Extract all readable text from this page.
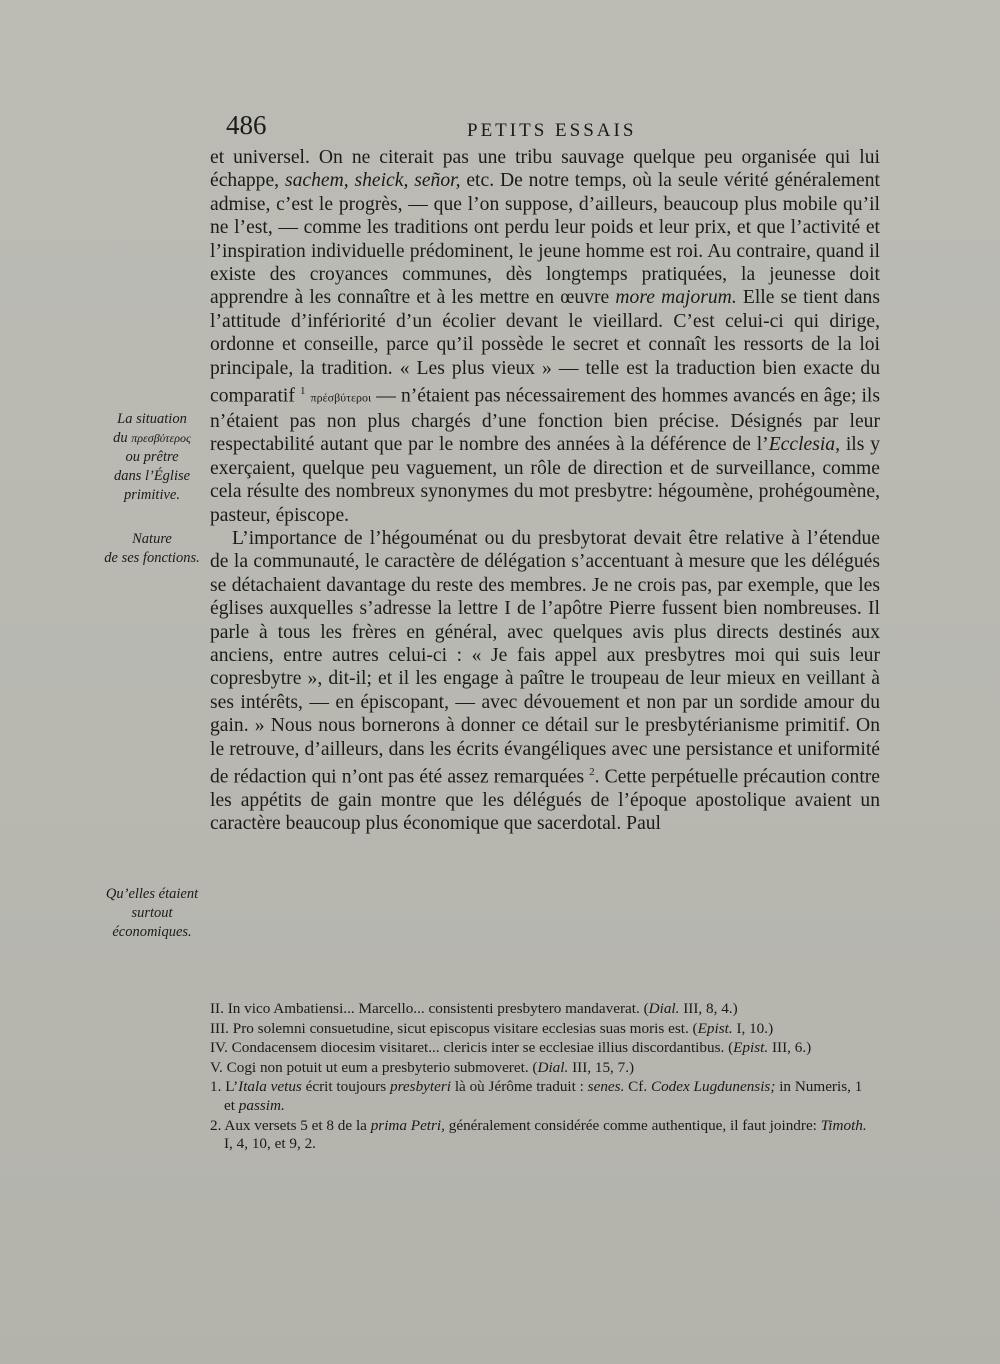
486	PETITS ESSAIS

et universel. On ne citerait pas une tribu sauvage quelque peu organisée qui lui échappe, sachem, sheick, señor, etc. De notre temps, où la seule vérité généralement admise, c’est le progrès, — que l’on suppose, d’ailleurs, beaucoup plus mobile qu’il ne l’est, — comme les traditions ont perdu leur poids et leur prix, et que l’activité et l’inspiration individuelle prédominent, le jeune homme est roi. Au contraire, quand il existe des croyances communes, dès longtemps pratiquées, la jeunesse doit apprendre à les connaître et à les mettre en œuvre more majorum. Elle se tient dans l’attitude d’infériorité d’un écolier devant le vieillard. C’est celui-ci qui dirige, ordonne et conseille, parce qu’il possède le secret et connaît les ressorts de la loi principale, la tradition. « Les plus vieux » — telle est la traduction bien exacte du comparatif $^1$ πρέσβύτεροι — n’étaient pas nécessairement des hommes avancés en âge; ils n’étaient pas non plus chargés d’une fonction bien précise. Désignés par leur respectabilité autant que par le nombre des années à la déférence de l’Ecclesia, ils y exerçaient, quelque peu vaguement, un rôle de direction et de surveillance, comme cela résulte des nombreux synonymes du mot presbytre: hégoumène, prohégoumène, pasteur, épiscope.

L’importance de l’hégouménat ou du presbytorat devait être relative à l’étendue de la communauté, le caractère de délégation s’accentuant à mesure que les délégués se détachaient davantage du reste des membres. Je ne crois pas, par exemple, que les églises auxquelles s’adresse la lettre I de l’apôtre Pierre fussent bien nombreuses. Il parle à tous les frères en général, avec quelques avis plus directs destinés aux anciens, entre autres celui-ci : « Je fais appel aux presbytres moi qui suis leur copresbytre », dit-il; et il les engage à paître le troupeau de leur mieux en veillant à ses intérêts, — en épiscopant, — avec dévouement et non par un sordide amour du gain. » Nous nous bornerons à donner ce détail sur le presbytérianisme primitif. On le retrouve, d’ailleurs, dans les écrits évangéliques avec une persistance et uniformité de rédaction qui n’ont pas été assez remarquées $^2$. Cette perpétuelle précaution contre les appétits de gain montre que les délégués de l’époque apostolique avaient un caractère beaucoup plus économique que sacerdotal. Paul

La situation
du πρεσβύτερος
ou prêtre
dans l’Église
primitive.
Nature
de ses fonctions.
Qu’elles étaient
surtout
économiques.

II. In vico Ambatiensi... Marcello... consistenti presbytero mandaverat. (Dial. III, 8, 4.)

III. Pro solemni consuetudine, sicut episcopus visitare ecclesias suas moris est. (Epist. I, 10.)

IV. Condacensem diocesim visitaret... clericis inter se ecclesiae illius discordantibus. (Epist. III, 6.)

V. Cogi non potuit ut eum a presbyterio submoveret. (Dial. III, 15, 7.)

1. L’Itala vetus écrit toujours presbyteri là où Jérôme traduit : senes. Cf. Codex Lugdunensis; in Numeris, 1 et passim.

2. Aux versets 5 et 8 de la prima Petri, généralement considérée comme authentique, il faut joindre: Timoth. I, 4, 10, et 9, 2.
